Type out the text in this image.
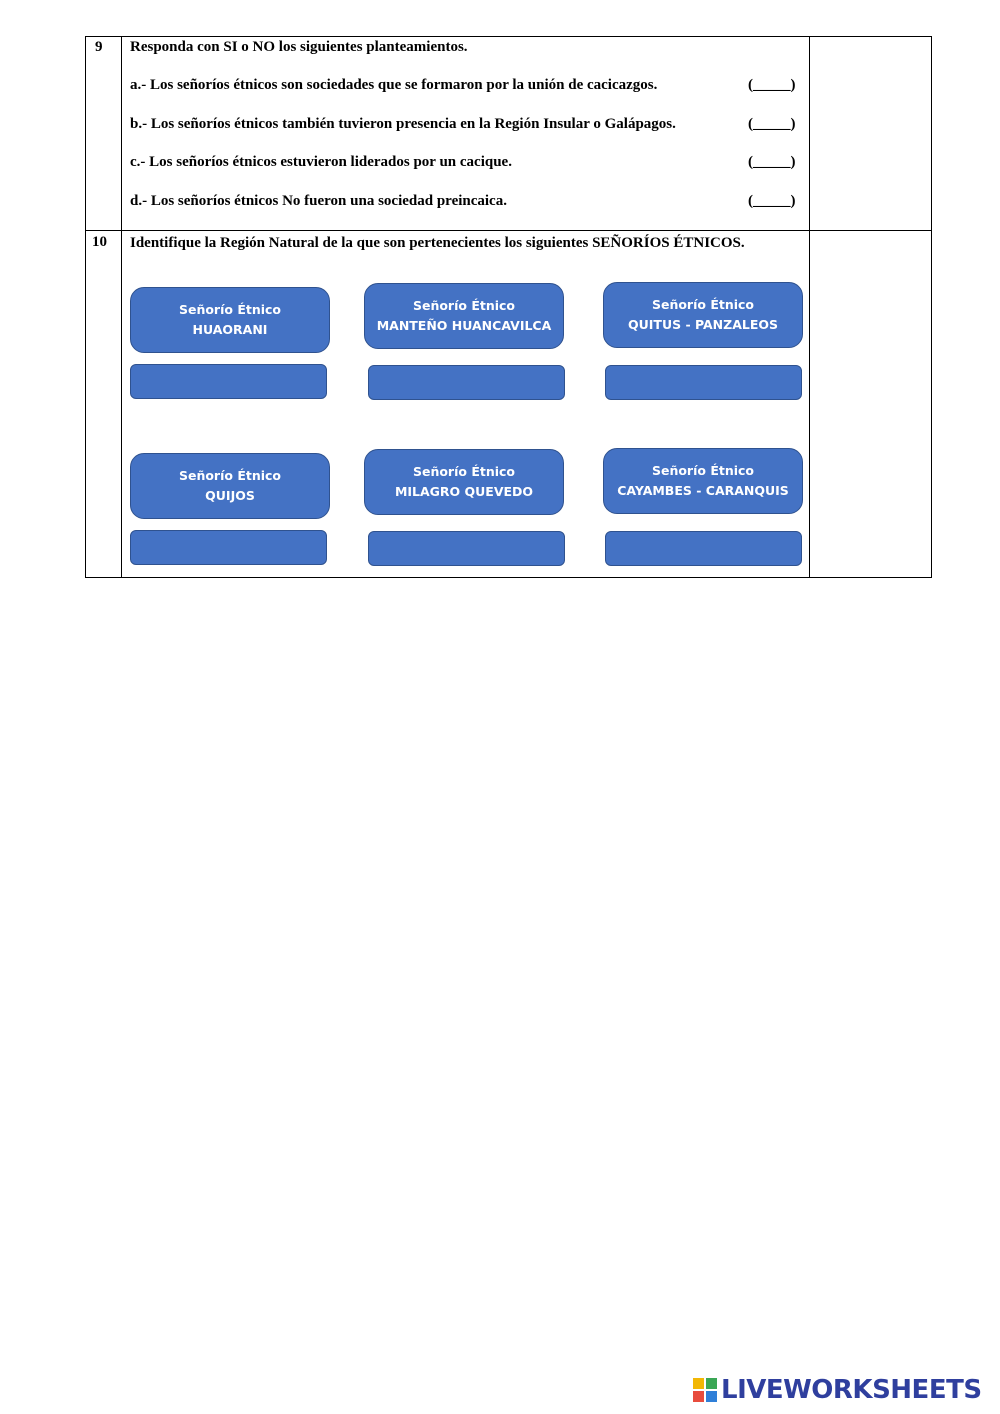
9 Responda con SI o NO los siguientes planteamientos.
a.- Los señoríos étnicos son sociedades que se formaron por la unión de cacicazgos.	(_____)
b.- Los señoríos étnicos también tuvieron presencia en la Región Insular o Galápagos.	(_____)
c.- Los señoríos étnicos estuvieron liderados por un cacique.	(_____)
d.- Los señoríos étnicos No fueron una sociedad preincaica.	(_____)
10 Identifique la Región Natural de la que son pertenecientes los siguientes SEÑORÍOS ÉTNICOS.
Señorío Étnico
HUAORANI
Señorío Étnico
MANTEÑO HUANCAVILCA
Señorío Étnico
QUITUS - PANZALEOS
Señorío Étnico
QUIJOS
Señorío Étnico
MILAGRO QUEVEDO
Señorío Étnico
CAYAMBES - CARANQUIS
LIVEWORKSHEETS
